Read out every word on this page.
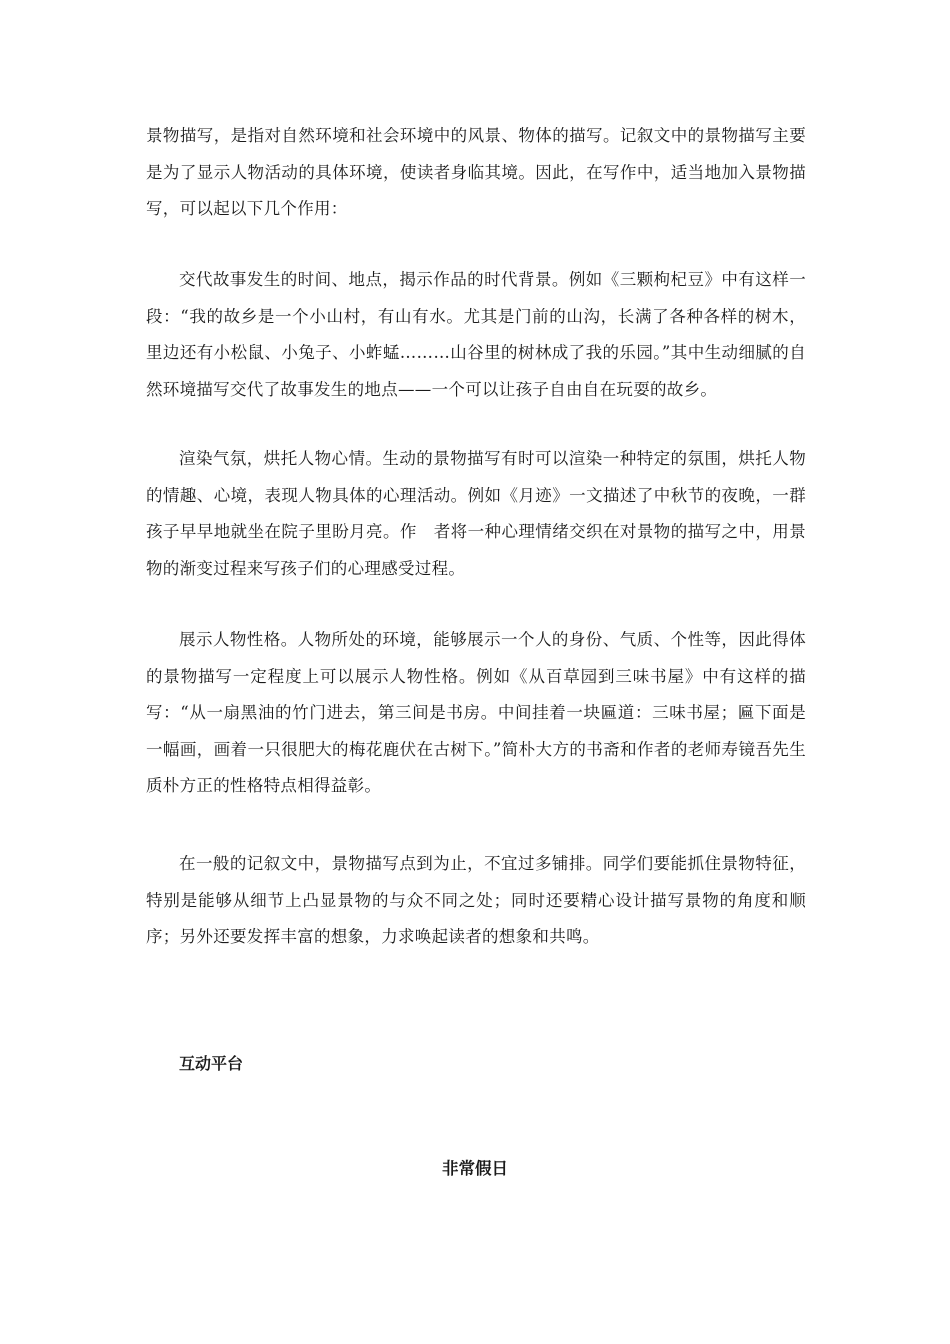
景物描写，是指对自然环境和社会环境中的风景、物体的描写。记叙文中的景物描写主要是为了显示人物活动的具体环境，使读者身临其境。因此，在写作中，适当地加入景物描写，可以起以下几个作用：

交代故事发生的时间、地点，揭示作品的时代背景。例如《三颗枸杞豆》中有这样一段：“我的故乡是一个小山村，有山有水。尤其是门前的山沟，长满了各种各样的树木，里边还有小松鼠、小兔子、小蚱蜢………山谷里的树林成了我的乐园。”其中生动细腻的自然环境描写交代了故事发生的地点——一个可以让孩子自由自在玩耍的故乡。

渲染气氛，烘托人物心情。生动的景物描写有时可以渲染一种特定的氛围，烘托人物的情趣、心境，表现人物具体的心理活动。例如《月迹》一文描述了中秋节的夜晚，一群孩子早早地就坐在院子里盼月亮。作　者将一种心理情绪交织在对景物的描写之中，用景物的渐变过程来写孩子们的心理感受过程。

展示人物性格。人物所处的环境，能够展示一个人的身份、气质、个性等，因此得体的景物描写一定程度上可以展示人物性格。例如《从百草园到三味书屋》中有这样的描写：“从一扇黑油的竹门进去，第三间是书房。中间挂着一块匾道：三味书屋；匾下面是一幅画，画着一只很肥大的梅花鹿伏在古树下。”简朴大方的书斋和作者的老师寿镜吾先生质朴方正的性格特点相得益彰。

在一般的记叙文中，景物描写点到为止，不宜过多铺排。同学们要能抓住景物特征，特别是能够从细节上凸显景物的与众不同之处；同时还要精心设计描写景物的角度和顺序；另外还要发挥丰富的想象，力求唤起读者的想象和共鸣。

互动平台
非常假日
